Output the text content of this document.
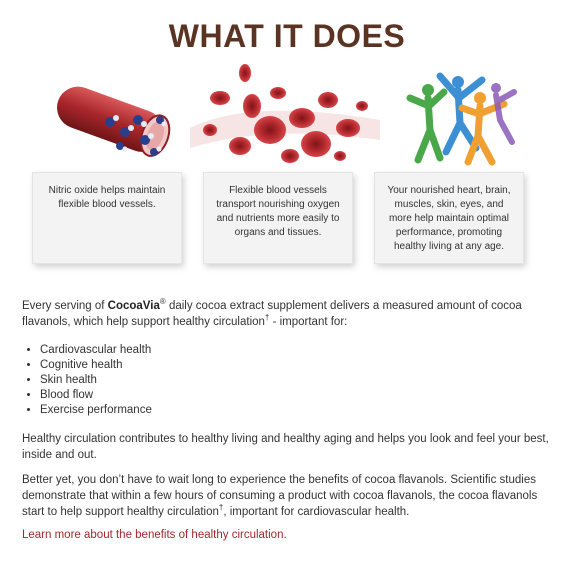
WHAT IT DOES
Nitric oxide helps maintain flexible blood vessels.
Flexible blood vessels transport nourishing oxygen and nutrients more easily to organs and tissues.
Your nourished heart, brain, muscles, skin, eyes, and more help maintain optimal performance, promoting healthy living at any age.

Every serving of CocoaVia® daily cocoa extract supplement delivers a measured amount of cocoa flavanols, which help support healthy circulation† - important for:

• Cardiovascular health
• Cognitive health
• Skin health
• Blood flow
• Exercise performance

Healthy circulation contributes to healthy living and healthy aging and helps you look and feel your best, inside and out.

Better yet, you don’t have to wait long to experience the benefits of cocoa flavanols. Scientific studies demonstrate that within a few hours of consuming a product with cocoa flavanols, the cocoa flavanols start to help support healthy circulation†, important for cardiovascular health.

Learn more about the benefits of healthy circulation.
